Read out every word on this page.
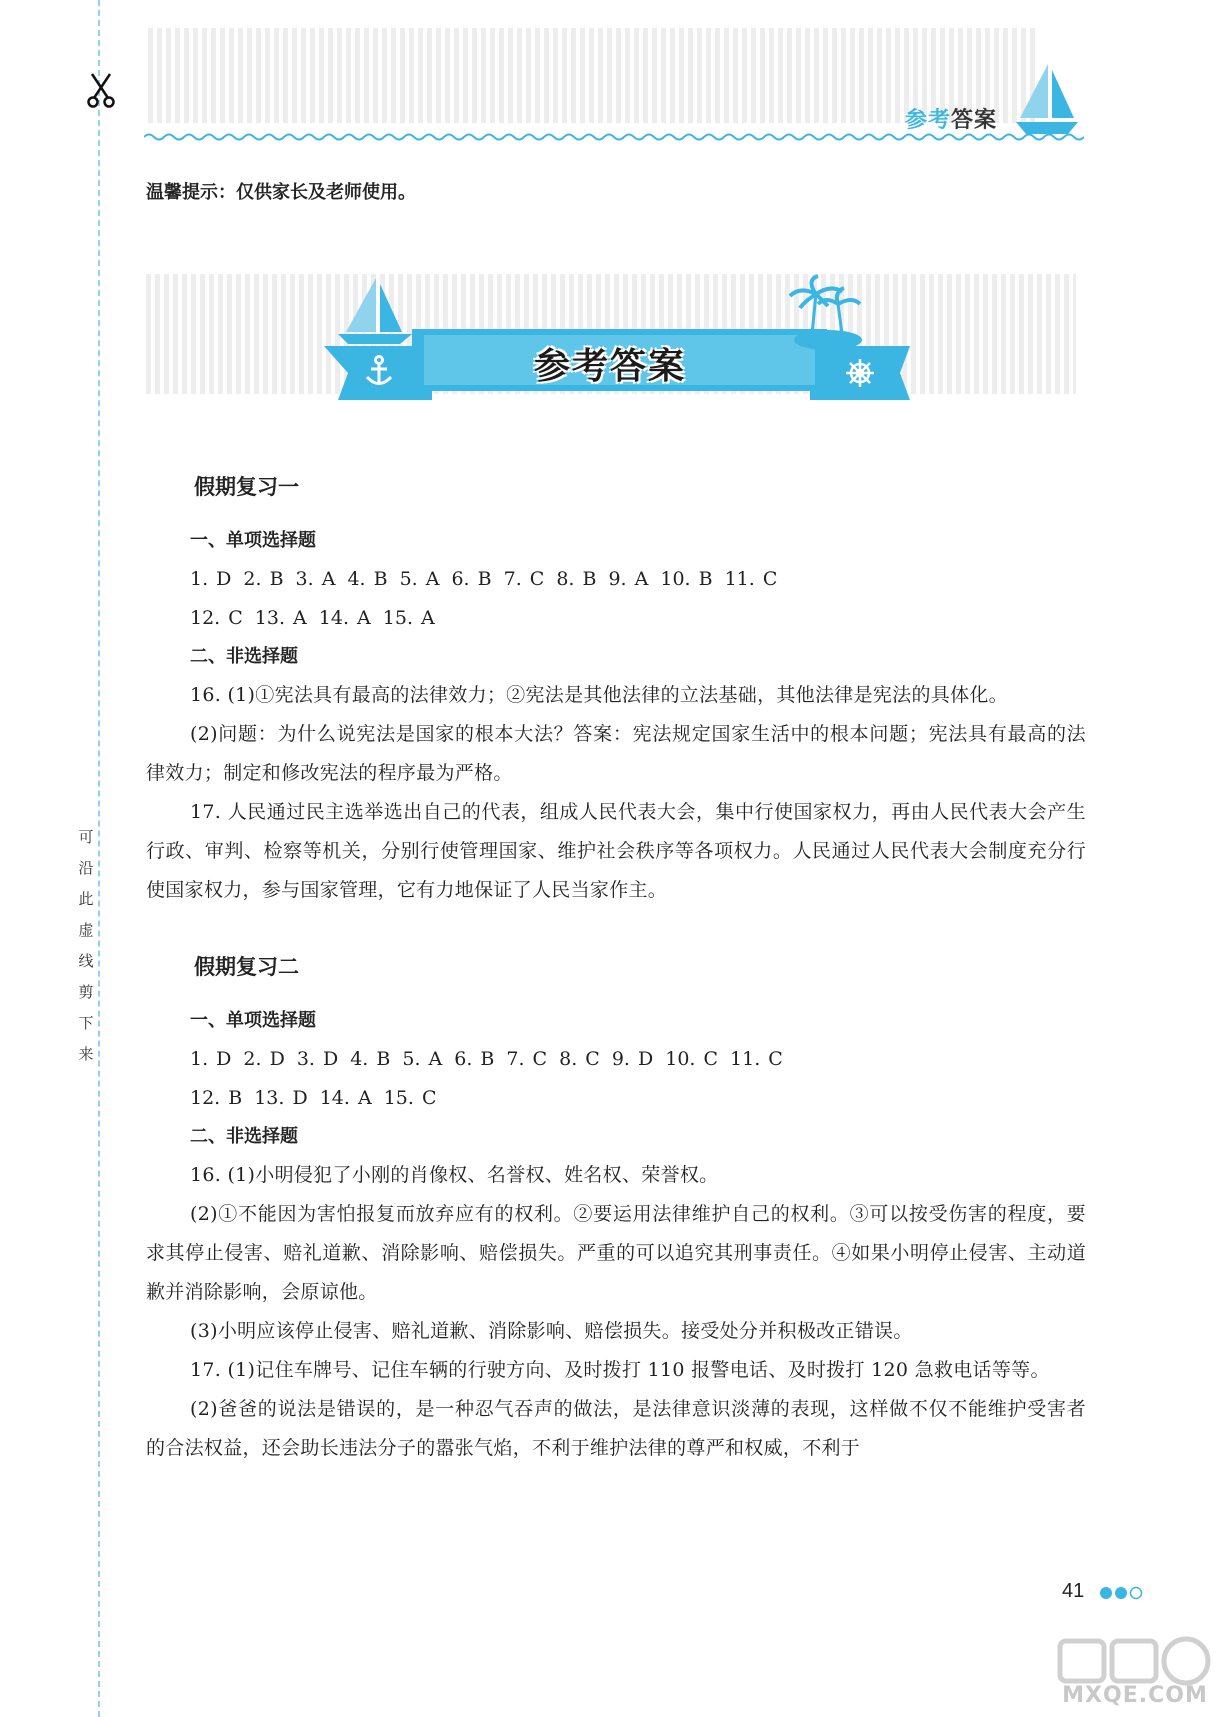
可
沿
此
虚
线
剪
下
来
参考答案
温馨提示：仅供家长及老师使用。
参考答案
假期复习一
一、单项选择题
1. D 2. B 3. A 4. B 5. A 6. B 7. C 8. B 9. A 10. B 11. C
12. C 13. A 14. A 15. A
二、非选择题

16. (1)①宪法具有最高的法律效力；②宪法是其他法律的立法基础，其他法律是宪法的具体化。

(2)问题：为什么说宪法是国家的根本大法？答案：宪法规定国家生活中的根本问题；宪法具有最高的法律效力；制定和修改宪法的程序最为严格。

17. 人民通过民主选举选出自己的代表，组成人民代表大会，集中行使国家权力，再由人民代表大会产生行政、审判、检察等机关，分别行使管理国家、维护社会秩序等各项权力。人民通过人民代表大会制度充分行使国家权力，参与国家管理，它有力地保证了人民当家作主。

假期复习二
一、单项选择题
1. D 2. D 3. D 4. B 5. A 6. B 7. C 8. C 9. D 10. C 11. C
12. B 13. D 14. A 15. C
二、非选择题

16. (1)小明侵犯了小刚的肖像权、名誉权、姓名权、荣誉权。

(2)①不能因为害怕报复而放弃应有的权利。②要运用法律维护自己的权利。③可以按受伤害的程度，要求其停止侵害、赔礼道歉、消除影响、赔偿损失。严重的可以追究其刑事责任。④如果小明停止侵害、主动道歉并消除影响，会原谅他。

(3)小明应该停止侵害、赔礼道歉、消除影响、赔偿损失。接受处分并积极改正错误。

17. (1)记住车牌号、记住车辆的行驶方向、及时拨打 110 报警电话、及时拨打 120 急救电话等等。

(2)爸爸的说法是错误的，是一种忍气吞声的做法，是法律意识淡薄的表现，这样做不仅不能维护受害者的合法权益，还会助长违法分子的嚣张气焰，不利于维护法律的尊严和权威，不利于

41
MXQE.COM
